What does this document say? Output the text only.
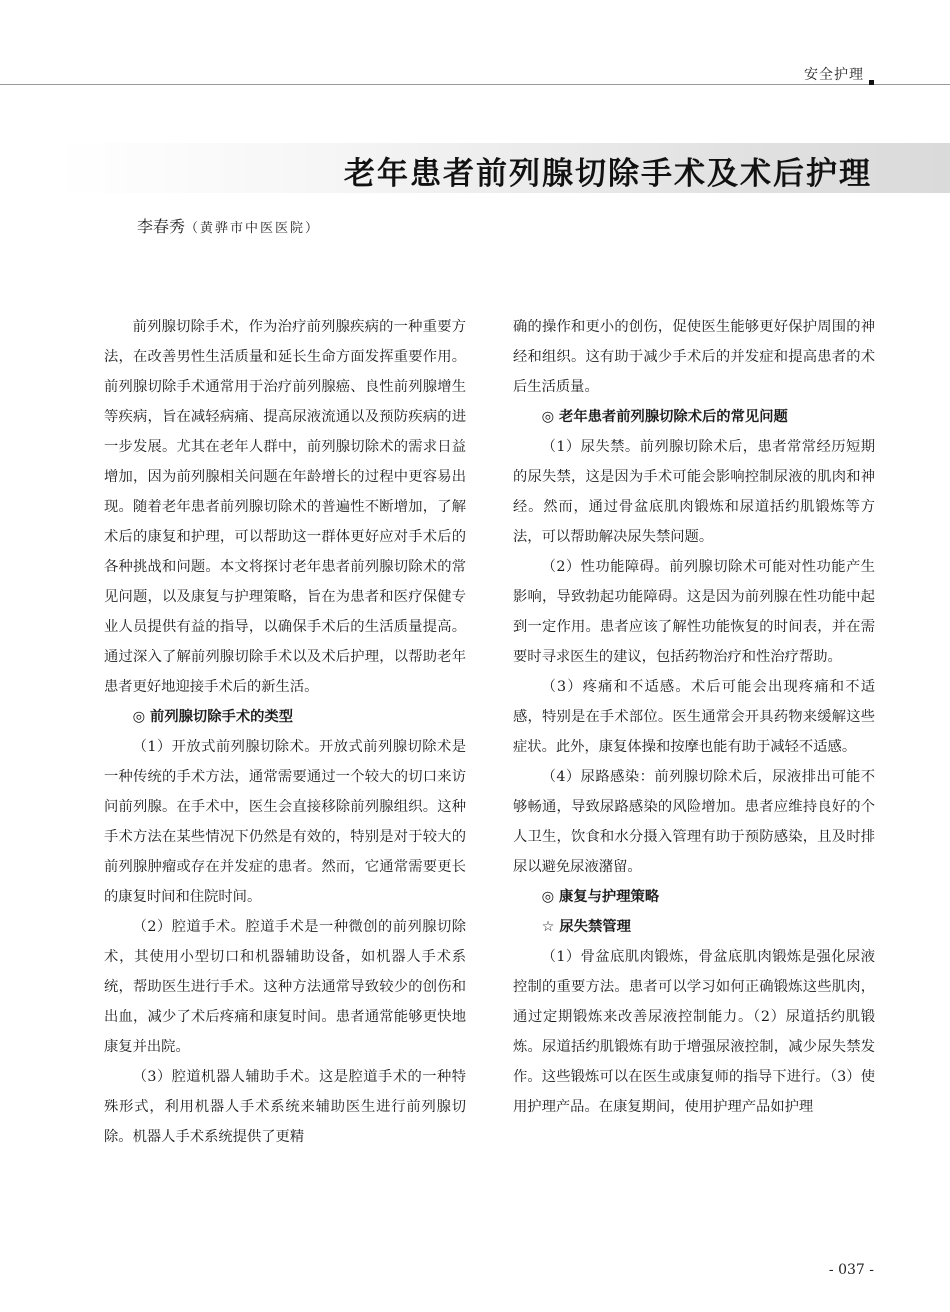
安全护理
老年患者前列腺切除手术及术后护理
李春秀（黄骅市中医医院）

前列腺切除手术，作为治疗前列腺疾病的一种重要方法，在改善男性生活质量和延长生命方面发挥重要作用。前列腺切除手术通常用于治疗前列腺癌、良性前列腺增生等疾病，旨在减轻病痛、提高尿液流通以及预防疾病的进一步发展。尤其在老年人群中，前列腺切除术的需求日益增加，因为前列腺相关问题在年龄增长的过程中更容易出现。随着老年患者前列腺切除术的普遍性不断增加，了解术后的康复和护理，可以帮助这一群体更好应对手术后的各种挑战和问题。本文将探讨老年患者前列腺切除术的常见问题，以及康复与护理策略，旨在为患者和医疗保健专业人员提供有益的指导，以确保手术后的生活质量提高。通过深入了解前列腺切除手术以及术后护理，以帮助老年患者更好地迎接手术后的新生活。

◎ 前列腺切除手术的类型

（1）开放式前列腺切除术。开放式前列腺切除术是一种传统的手术方法，通常需要通过一个较大的切口来访问前列腺。在手术中，医生会直接移除前列腺组织。这种手术方法在某些情况下仍然是有效的，特别是对于较大的前列腺肿瘤或存在并发症的患者。然而，它通常需要更长的康复时间和住院时间。

（2）腔道手术。腔道手术是一种微创的前列腺切除术，其使用小型切口和机器辅助设备，如机器人手术系统，帮助医生进行手术。这种方法通常导致较少的创伤和出血，减少了术后疼痛和康复时间。患者通常能够更快地康复并出院。

（3）腔道机器人辅助手术。这是腔道手术的一种特殊形式，利用机器人手术系统来辅助医生进行前列腺切除。机器人手术系统提供了更精

确的操作和更小的创伤，促使医生能够更好保护周围的神经和组织。这有助于减少手术后的并发症和提高患者的术后生活质量。

◎ 老年患者前列腺切除术后的常见问题

（1）尿失禁。前列腺切除术后，患者常常经历短期的尿失禁，这是因为手术可能会影响控制尿液的肌肉和神经。然而，通过骨盆底肌肉锻炼和尿道括约肌锻炼等方法，可以帮助解决尿失禁问题。

（2）性功能障碍。前列腺切除术可能对性功能产生影响，导致勃起功能障碍。这是因为前列腺在性功能中起到一定作用。患者应该了解性功能恢复的时间表，并在需要时寻求医生的建议，包括药物治疗和性治疗帮助。

（3）疼痛和不适感。术后可能会出现疼痛和不适感，特别是在手术部位。医生通常会开具药物来缓解这些症状。此外，康复体操和按摩也能有助于减轻不适感。

（4）尿路感染：前列腺切除术后，尿液排出可能不够畅通，导致尿路感染的风险增加。患者应维持良好的个人卫生，饮食和水分摄入管理有助于预防感染，且及时排尿以避免尿液潴留。

◎ 康复与护理策略
☆ 尿失禁管理

（1）骨盆底肌肉锻炼，骨盆底肌肉锻炼是强化尿液控制的重要方法。患者可以学习如何正确锻炼这些肌肉，通过定期锻炼来改善尿液控制能力。（2）尿道括约肌锻炼。尿道括约肌锻炼有助于增强尿液控制，减少尿失禁发作。这些锻炼可以在医生或康复师的指导下进行。（3）使用护理产品。在康复期间，使用护理产品如护理

- 037 -
